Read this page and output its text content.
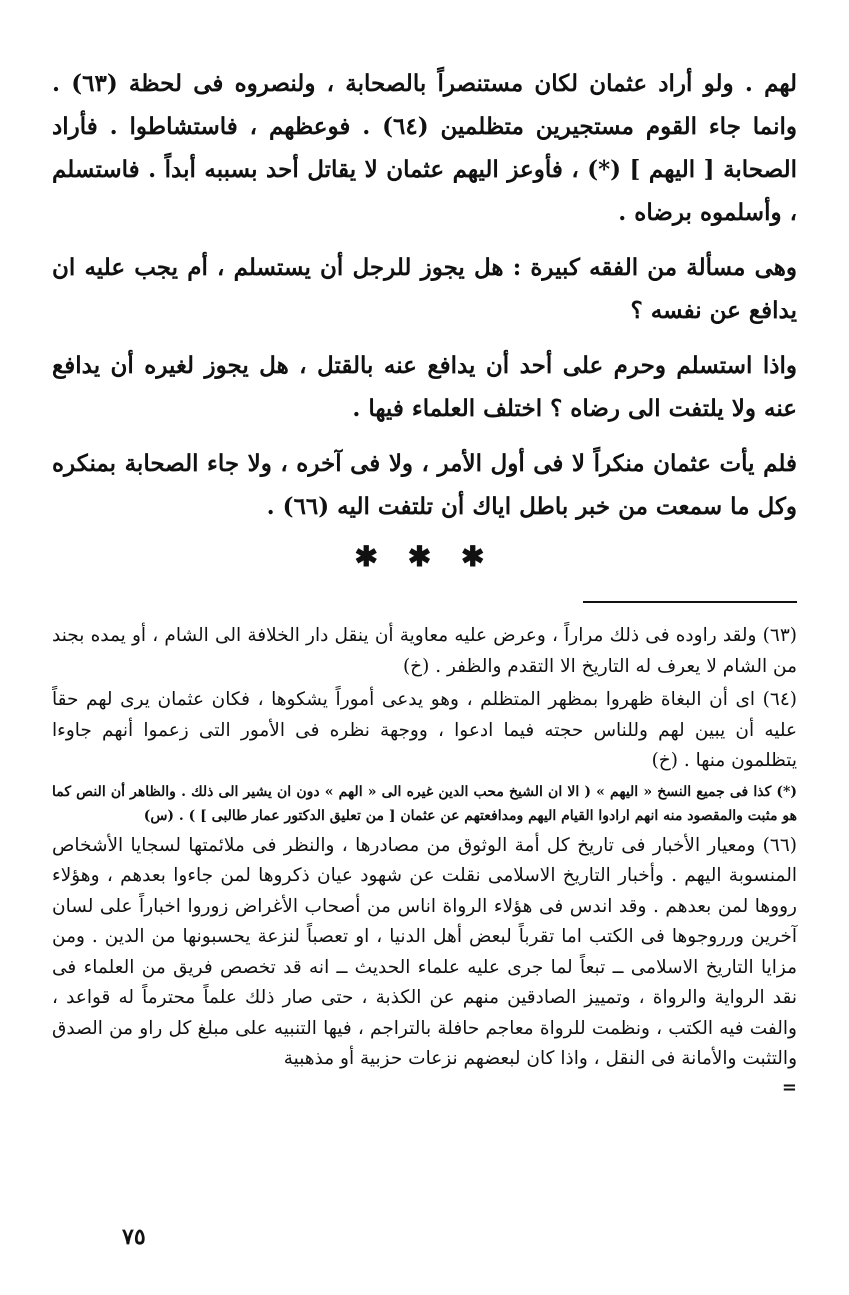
لهم . ولو أراد عثمان لكان مستنصراً بالصحابة ، ولنصروه فى لحظة (٦٣) . وانما جاء القوم مستجيرين متظلمين (٦٤) . فوعظهم ، فاستشاطوا . فأراد الصحابة [ اليهم ] (*) ، فأوعز اليهم عثمان لا يقاتل أحد بسببه أبداً . فاستسلم ، وأسلموه برضاه .

وهى مسألة من الفقه كبيرة : هل يجوز للرجل أن يستسلم ، أم يجب عليه ان يدافع عن نفسه ؟

واذا استسلم وحرم على أحد أن يدافع عنه بالقتل ، هل يجوز لغيره أن يدافع عنه ولا يلتفت الى رضاه ؟ اختلف العلماء فيها .

فلم يأت عثمان منكراً لا فى أول الأمر ، ولا فى آخره ، ولا جاء الصحابة بمنكره وكل ما سمعت من خبر باطل اياك أن تلتفت اليه (٦٦) .

✱ ✱ ✱

(٦٣) ولقد راوده فى ذلك مراراً ، وعرض عليه معاوية أن ينقل دار الخلافة الى الشام ، أو يمده بجند من الشام لا يعرف له التاريخ الا التقدم والظفر . (خ)

(٦٤) اى أن البغاة ظهروا بمظهر المتظلم ، وهو يدعى أموراً يشكوها ، فكان عثمان يرى لهم حقاً عليه أن يبين لهم وللناس حجته فيما ادعوا ، ووجهة نظره فى الأمور التى زعموا أنهم جاوءا يتظلمون منها . (خ)

(*) كذا فى جميع النسخ « اليهم » ( الا ان الشيخ محب الدين غيره الى « الهم » دون ان يشير الى ذلك . والظاهر أن النص كما هو مثبت والمقصود منه انهم ارادوا القيام اليهم ومدافعتهم عن عثمان [ من تعليق الدكتور عمار طالبى ] ) . (س)

(٦٦) ومعيار الأخبار فى تاريخ كل أمة الوثوق من مصادرها ، والنظر فى ملائمتها لسجايا الأشخاص المنسوبة اليهم . وأخبار التاريخ الاسلامى نقلت عن شهود عيان ذكروها لمن جاءوا بعدهم ، وهؤلاء رووها لمن بعدهم . وقد اندس فى هؤلاء الرواة اناس من أصحاب الأغراض زوروا اخباراً على لسان آخرين ورروجوها فى الكتب اما تقرباً لبعض أهل الدنيا ، او تعصباً لنزعة يحسبونها من الدين . ومن مزايا التاريخ الاسلامى ــ تبعاً لما جرى عليه علماء الحديث ــ انه قد تخصص فريق من العلماء فى نقد الرواية والرواة ، وتمييز الصادقين منهم عن الكذبة ، حتى صار ذلك علماً محترماً له قواعد ، والفت فيه الكتب ، ونظمت للرواة معاجم حافلة بالتراجم ، فيها التنبيه على مبلغ كل راو من الصدق والتثبت والأمانة فى النقل ، واذا كان لبعضهم نزعات حزبية أو مذهبية

=
٧٥
